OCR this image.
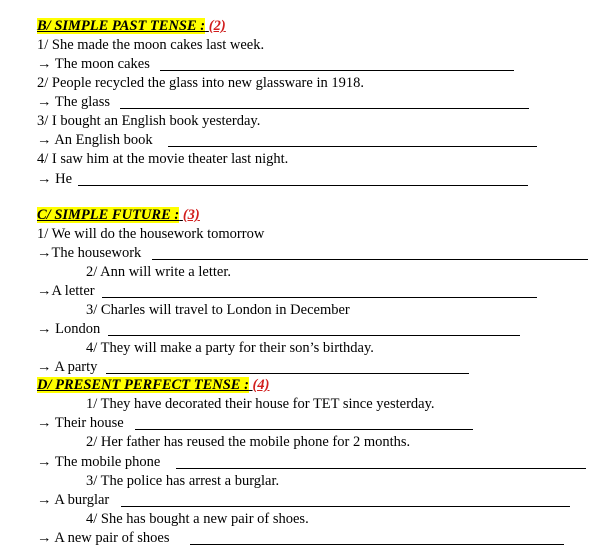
B/ SIMPLE PAST TENSE : (2)
1/ She made the moon cakes last week.
→ The moon cakes
2/ People recycled the glass into new glassware in 1918.
→ The glass
3/ I bought an English book yesterday.
→ An English book
4/ I saw him at the movie theater last night.
→ He
C/ SIMPLE FUTURE : (3)
1/ We will do the housework tomorrow
→The housework
2/ Ann will write a letter.
→A letter
3/ Charles will travel to London in December
→ London
4/ They will make a party for their son’s birthday.
→ A party
D/ PRESENT PERFECT TENSE : (4)
1/ They have decorated their house for TET since yesterday.
→ Their house
2/ Her father has reused the mobile phone for 2 months.
→ The mobile phone
3/ The police has arrest a burglar.
→ A burglar
4/ She has bought a new pair of shoes.
→ A new pair of shoes
